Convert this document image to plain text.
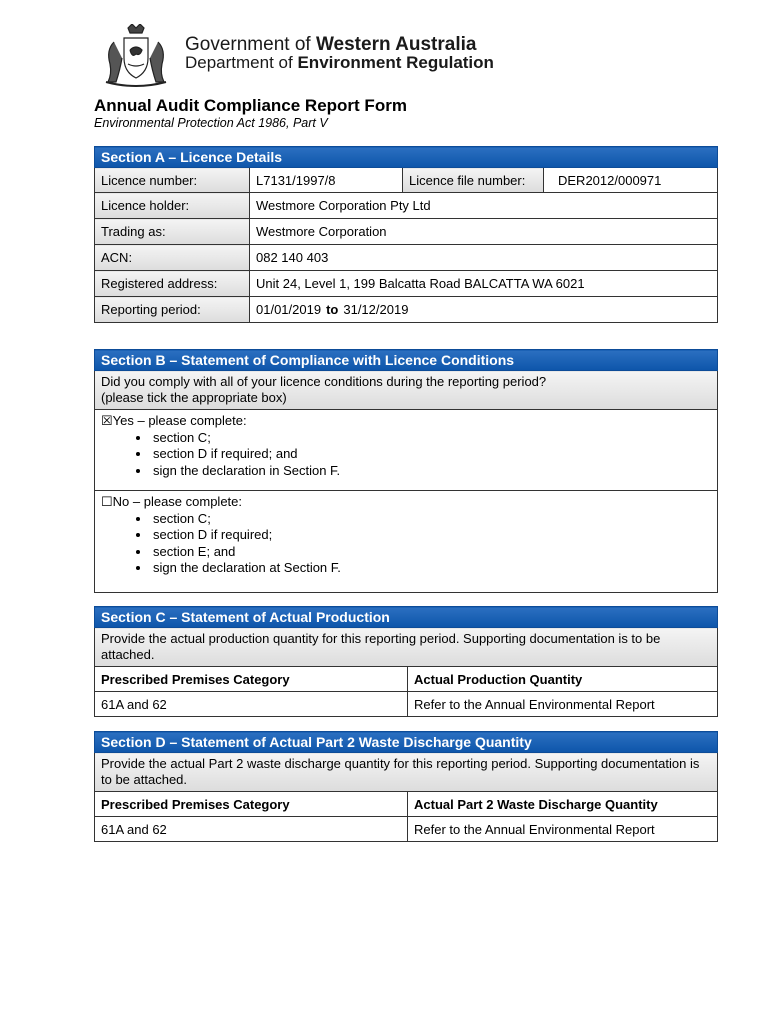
Government of Western Australia
Department of Environment Regulation
Annual Audit Compliance Report Form
Environmental Protection Act 1986, Part V
Section A – Licence Details			
Licence number:	L7131/1997/8	Licence file number:	DER2012/000971
Licence holder:	Westmore Corporation Pty Ltd		
Trading as:	Westmore Corporation		
ACN:	082 140 403		
Registered address:	Unit 24, Level 1, 199 Balcatta Road BALCATTA WA 6021		
Reporting period:	01/01/2019 to 31/12/2019		
Section B – Statement of Compliance with Licence Conditions

Did you comply with all of your licence conditions during the reporting period?
(please tick the appropriate box)

☒Yes – please complete:
• section C;
• section D if required; and
• sign the declaration in Section F.

☐No – please complete:
• section C;
• section D if required;
• section E; and
• sign the declaration at Section F.
Section C – Statement of Actual Production	
Provide the actual production quantity for this reporting period. Supporting documentation is to be attached.	
Prescribed Premises Category	Actual Production Quantity
61A and 62	Refer to the Annual Environmental Report
Section D – Statement of Actual Part 2 Waste Discharge Quantity	
Provide the actual Part 2 waste discharge quantity for this reporting period. Supporting documentation is to be attached.	
Prescribed Premises Category	Actual Part 2 Waste Discharge Quantity
61A and 62	Refer to the Annual Environmental Report
